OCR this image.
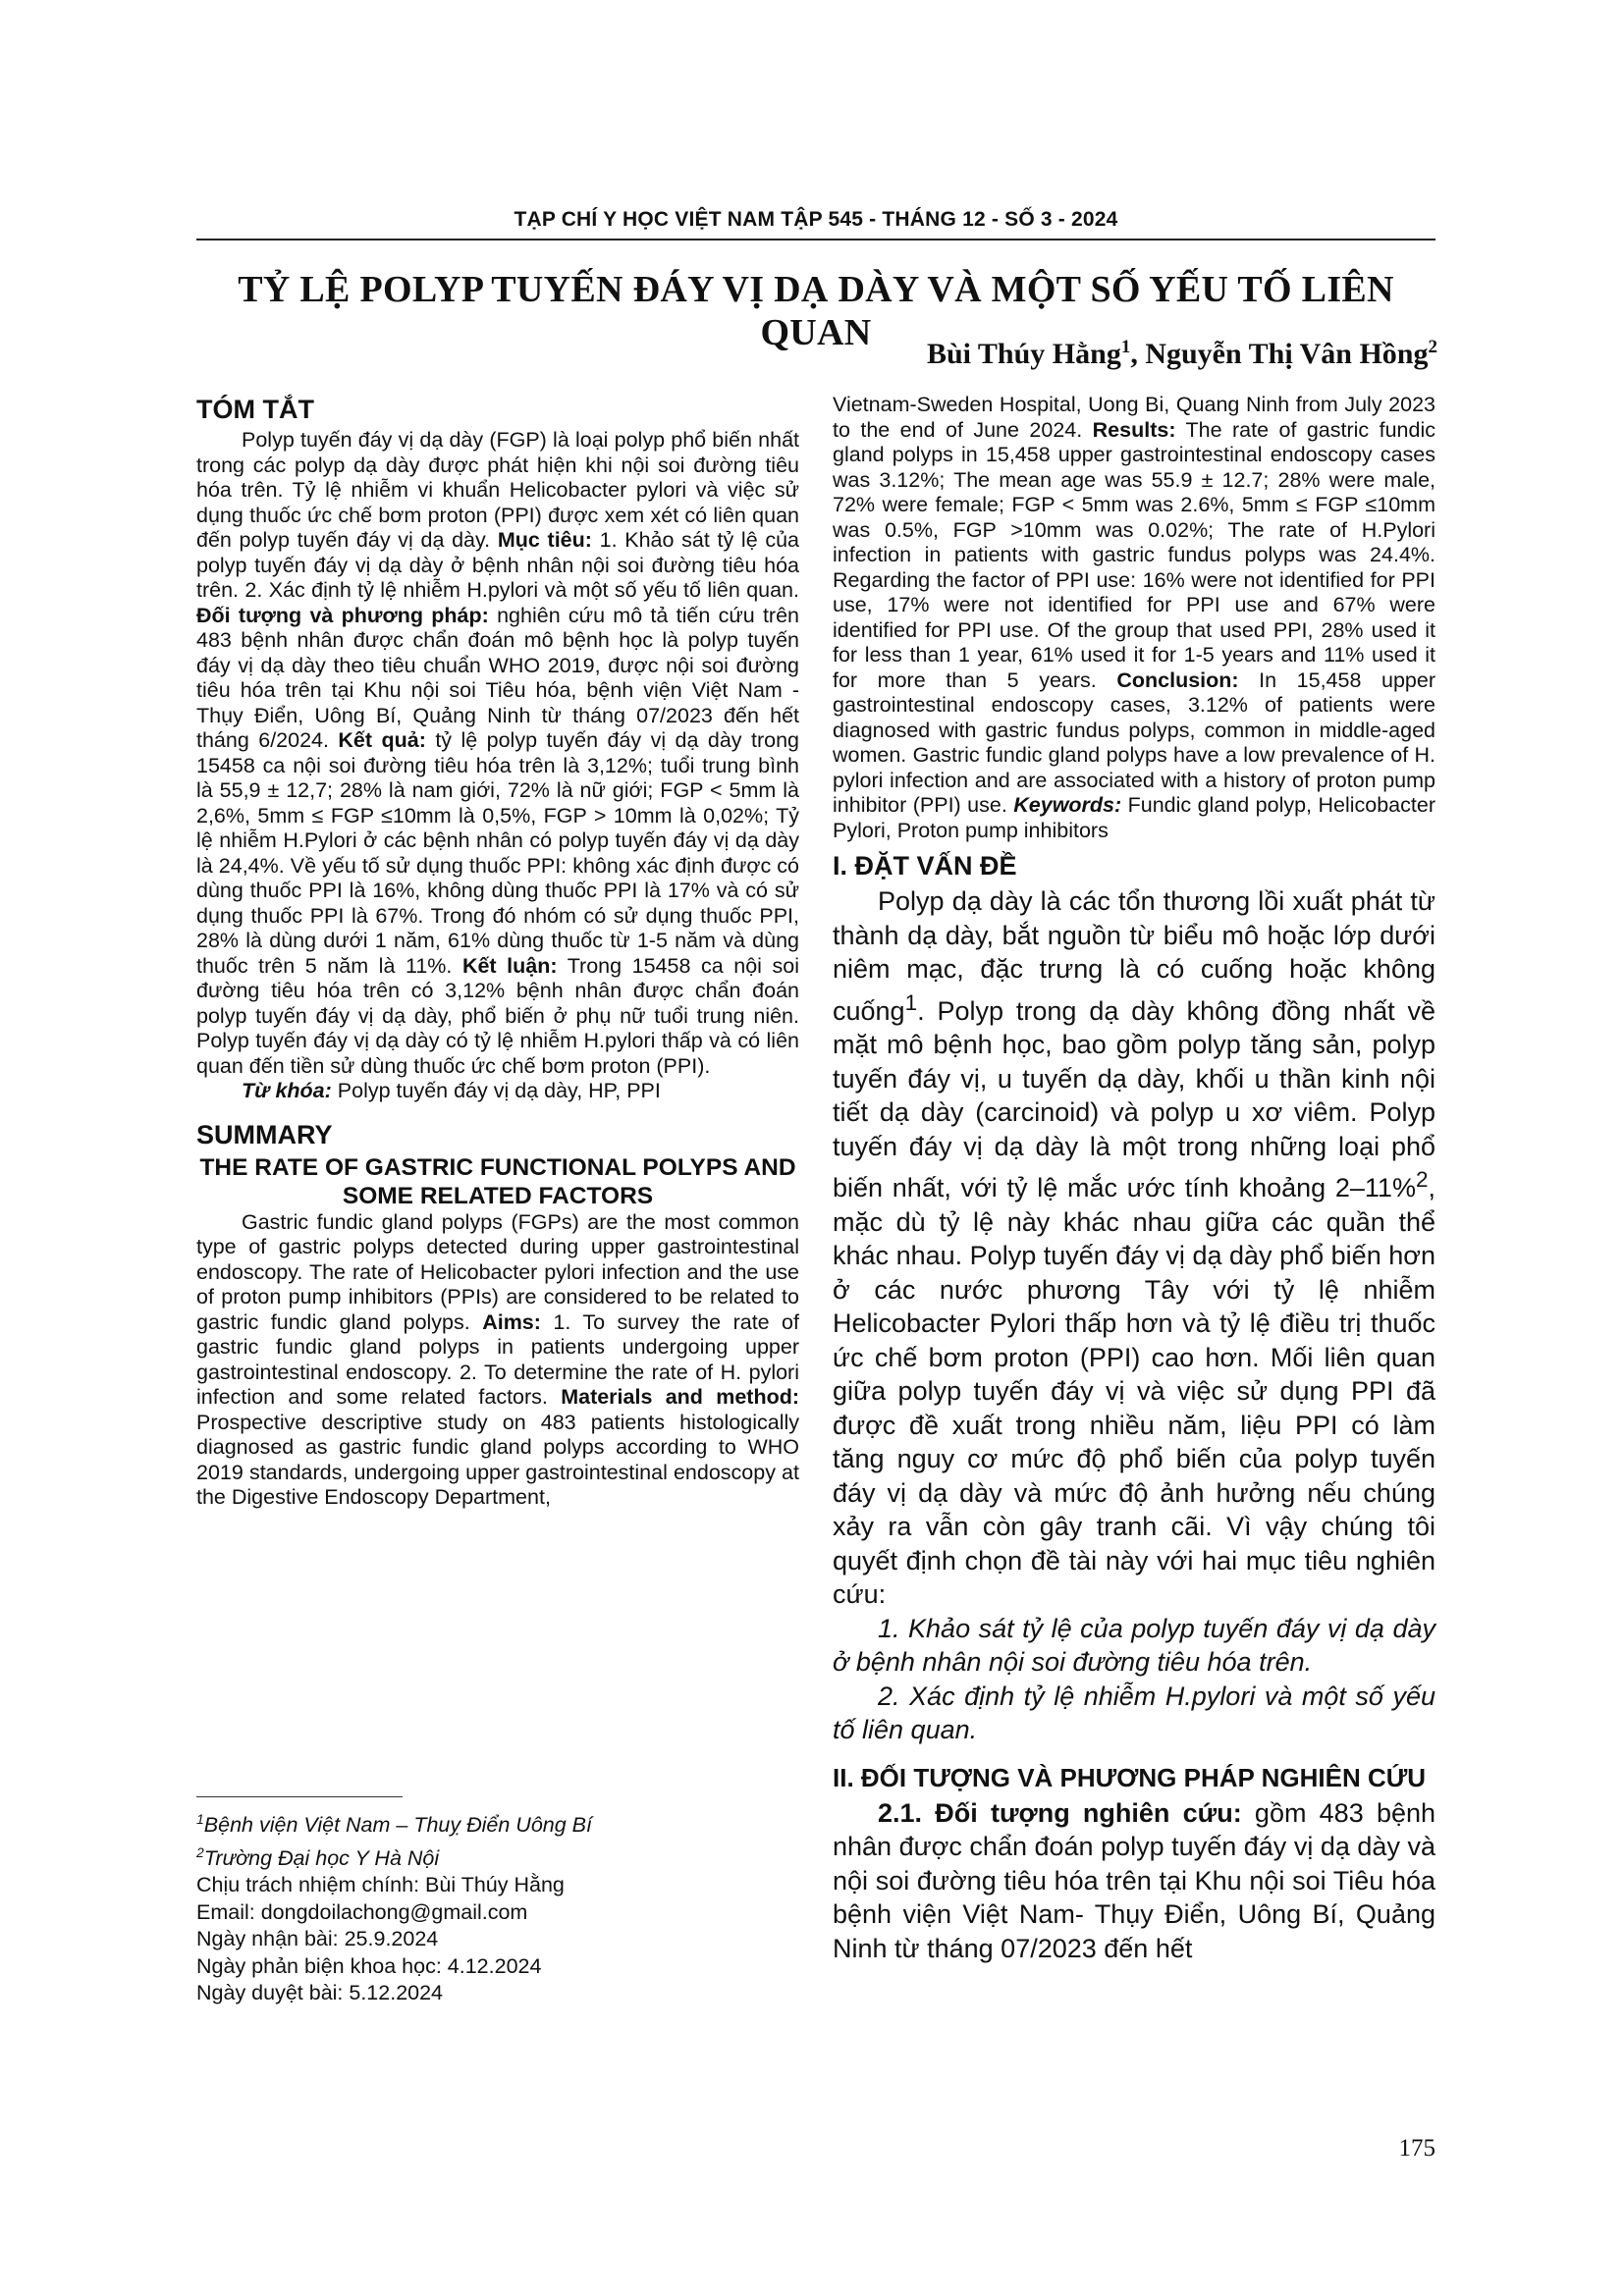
TẠP CHÍ Y HỌC VIỆT NAM TẬP 545 - THÁNG 12 - SỐ 3 - 2024
TỶ LỆ POLYP TUYẾN ĐÁY VỊ DẠ DÀY VÀ MỘT SỐ YẾU TỐ LIÊN QUAN
Bùi Thúy Hằng$^1$, Nguyễn Thị Vân Hồng$^2$
TÓM TẮT

Polyp tuyến đáy vị dạ dày (FGP) là loại polyp phổ biến nhất trong các polyp dạ dày được phát hiện khi nội soi đường tiêu hóa trên. Tỷ lệ nhiễm vi khuẩn Helicobacter pylori và việc sử dụng thuốc ức chế bơm proton (PPI) được xem xét có liên quan đến polyp tuyến đáy vị dạ dày. Mục tiêu: 1. Khảo sát tỷ lệ của polyp tuyến đáy vị dạ dày ở bệnh nhân nội soi đường tiêu hóa trên. 2. Xác định tỷ lệ nhiễm H.pylori và một số yếu tố liên quan. Đối tượng và phương pháp: nghiên cứu mô tả tiến cứu trên 483 bệnh nhân được chẩn đoán mô bệnh học là polyp tuyến đáy vị dạ dày theo tiêu chuẩn WHO 2019, được nội soi đường tiêu hóa trên tại Khu nội soi Tiêu hóa, bệnh viện Việt Nam - Thụy Điển, Uông Bí, Quảng Ninh từ tháng 07/2023 đến hết tháng 6/2024. Kết quả: tỷ lệ polyp tuyến đáy vị dạ dày trong 15458 ca nội soi đường tiêu hóa trên là 3,12%; tuổi trung bình là 55,9 ± 12,7; 28% là nam giới, 72% là nữ giới; FGP < 5mm là 2,6%, 5mm ≤ FGP ≤10mm là 0,5%, FGP > 10mm là 0,02%; Tỷ lệ nhiễm H.Pylori ở các bệnh nhân có polyp tuyến đáy vị dạ dày là 24,4%. Về yếu tố sử dụng thuốc PPI: không xác định được có dùng thuốc PPI là 16%, không dùng thuốc PPI là 17% và có sử dụng thuốc PPI là 67%. Trong đó nhóm có sử dụng thuốc PPI, 28% là dùng dưới 1 năm, 61% dùng thuốc từ 1-5 năm và dùng thuốc trên 5 năm là 11%. Kết luận: Trong 15458 ca nội soi đường tiêu hóa trên có 3,12% bệnh nhân được chẩn đoán polyp tuyến đáy vị dạ dày, phổ biến ở phụ nữ tuổi trung niên. Polyp tuyến đáy vị dạ dày có tỷ lệ nhiễm H.pylori thấp và có liên quan đến tiền sử dùng thuốc ức chế bơm proton (PPI).

Từ khóa: Polyp tuyến đáy vị dạ dày, HP, PPI

SUMMARY
THE RATE OF GASTRIC FUNCTIONAL POLYPS AND SOME RELATED FACTORS

Gastric fundic gland polyps (FGPs) are the most common type of gastric polyps detected during upper gastrointestinal endoscopy. The rate of Helicobacter pylori infection and the use of proton pump inhibitors (PPIs) are considered to be related to gastric fundic gland polyps. Aims: 1. To survey the rate of gastric fundic gland polyps in patients undergoing upper gastrointestinal endoscopy. 2. To determine the rate of H. pylori infection and some related factors. Materials and method: Prospective descriptive study on 483 patients histologically diagnosed as gastric fundic gland polyps according to WHO 2019 standards, undergoing upper gastrointestinal endoscopy at the Digestive Endoscopy Department,

$^1$Bệnh viện Việt Nam – Thuỵ Điển Uông Bí
$^2$Trường Đại học Y Hà Nội
Chịu trách nhiệm chính: Bùi Thúy Hằng
Email: dongdoilachong@gmail.com
Ngày nhận bài: 25.9.2024
Ngày phản biện khoa học: 4.12.2024
Ngày duyệt bài: 5.12.2024

Vietnam-Sweden Hospital, Uong Bi, Quang Ninh from July 2023 to the end of June 2024. Results: The rate of gastric fundic gland polyps in 15,458 upper gastrointestinal endoscopy cases was 3.12%; The mean age was 55.9 ± 12.7; 28% were male, 72% were female; FGP < 5mm was 2.6%, 5mm ≤ FGP ≤10mm was 0.5%, FGP >10mm was 0.02%; The rate of H.Pylori infection in patients with gastric fundus polyps was 24.4%. Regarding the factor of PPI use: 16% were not identified for PPI use, 17% were not identified for PPI use and 67% were identified for PPI use. Of the group that used PPI, 28% used it for less than 1 year, 61% used it for 1-5 years and 11% used it for more than 5 years. Conclusion: In 15,458 upper gastrointestinal endoscopy cases, 3.12% of patients were diagnosed with gastric fundus polyps, common in middle-aged women. Gastric fundic gland polyps have a low prevalence of H. pylori infection and are associated with a history of proton pump inhibitor (PPI) use. Keywords: Fundic gland polyp, Helicobacter Pylori, Proton pump inhibitors

I. ĐẶT VẤN ĐỀ

Polyp dạ dày là các tổn thương lồi xuất phát từ thành dạ dày, bắt nguồn từ biểu mô hoặc lớp dưới niêm mạc, đặc trưng là có cuống hoặc không cuống$^1$. Polyp trong dạ dày không đồng nhất về mặt mô bệnh học, bao gồm polyp tăng sản, polyp tuyến đáy vị, u tuyến dạ dày, khối u thần kinh nội tiết dạ dày (carcinoid) và polyp u xơ viêm. Polyp tuyến đáy vị dạ dày là một trong những loại phổ biến nhất, với tỷ lệ mắc ước tính khoảng 2–11%$^2$, mặc dù tỷ lệ này khác nhau giữa các quần thể khác nhau. Polyp tuyến đáy vị dạ dày phổ biến hơn ở các nước phương Tây với tỷ lệ nhiễm Helicobacter Pylori thấp hơn và tỷ lệ điều trị thuốc ức chế bơm proton (PPI) cao hơn. Mối liên quan giữa polyp tuyến đáy vị và việc sử dụng PPI đã được đề xuất trong nhiều năm, liệu PPI có làm tăng nguy cơ mức độ phổ biến của polyp tuyến đáy vị dạ dày và mức độ ảnh hưởng nếu chúng xảy ra vẫn còn gây tranh cãi. Vì vậy chúng tôi quyết định chọn đề tài này với hai mục tiêu nghiên cứu:

1. Khảo sát tỷ lệ của polyp tuyến đáy vị dạ dày ở bệnh nhân nội soi đường tiêu hóa trên.

2. Xác định tỷ lệ nhiễm H.pylori và một số yếu tố liên quan.

II. ĐỐI TƯỢNG VÀ PHƯƠNG PHÁP NGHIÊN CỨU

2.1. Đối tượng nghiên cứu: gồm 483 bệnh nhân được chẩn đoán polyp tuyến đáy vị dạ dày và nội soi đường tiêu hóa trên tại Khu nội soi Tiêu hóa bệnh viện Việt Nam- Thụy Điển, Uông Bí, Quảng Ninh từ tháng 07/2023 đến hết

175
